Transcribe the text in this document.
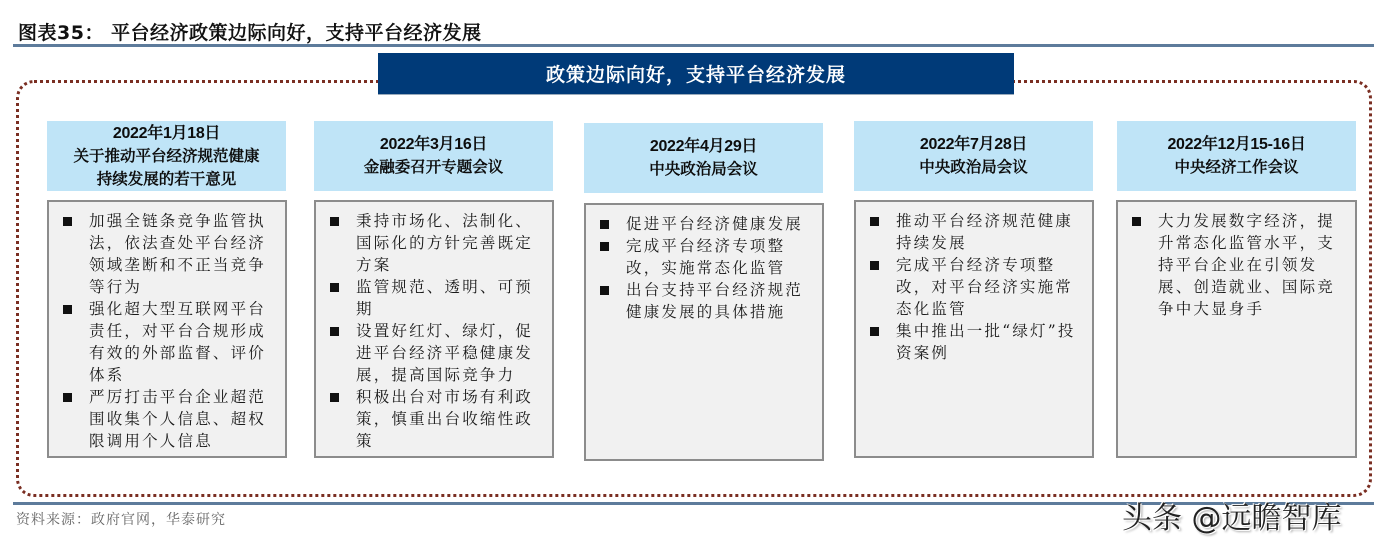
图表35： 平台经济政策边际向好，支持平台经济发展
政策边际向好，支持平台经济发展
2022年1月18日
关于推动平台经济规范健康
持续发展的若干意见
加强全链条竞争监管执法，依法查处平台经济领域垄断和不正当竞争等行为
强化超大型互联网平台责任，对平台合规形成有效的外部监督、评价体系
严厉打击平台企业超范围收集个人信息、超权限调用个人信息
2022年3月16日
金融委召开专题会议
秉持市场化、法制化、国际化的方针完善既定方案
监管规范、透明、可预期
设置好红灯、绿灯，促进平台经济平稳健康发展，提高国际竞争力
积极出台对市场有利政策，慎重出台收缩性政策
2022年4月29日
中央政治局会议
促进平台经济健康发展
完成平台经济专项整改，实施常态化监管
出台支持平台经济规范健康发展的具体措施
2022年7月28日
中央政治局会议
推动平台经济规范健康持续发展
完成平台经济专项整改，对平台经济实施常态化监管
集中推出一批“绿灯”投资案例
2022年12月15-16日
中央经济工作会议
大力发展数字经济，提升常态化监管水平，支持平台企业在引领发展、创造就业、国际竞争中大显身手
资料来源：政府官网，华泰研究	头条 @远瞻智库
